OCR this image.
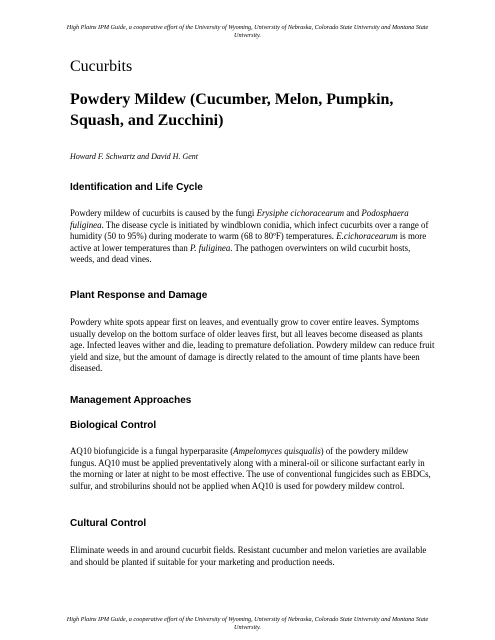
High Plains IPM Guide, a cooperative effort of the University of Wyoming, University of Nebraska, Colorado State University and Montana State University.

Cucurbits
Powdery Mildew (Cucumber, Melon, Pumpkin, Squash, and Zucchini)

Howard F. Schwartz and David H. Gent

Identification and Life Cycle

Powdery mildew of cucurbits is caused by the fungi Erysiphe cichoracearum and Podosphaera fuliginea. The disease cycle is initiated by windblown conidia, which infect cucurbits over a range of humidity (50 to 95%) during moderate to warm (68 to 80ºF) temperatures. E.cichoracearum is more active at lower temperatures than P. fuliginea. The pathogen overwinters on wild cucurbit hosts, weeds, and dead vines.

Plant Response and Damage

Powdery white spots appear first on leaves, and eventually grow to cover entire leaves. Symptoms usually develop on the bottom surface of older leaves first, but all leaves become diseased as plants age. Infected leaves wither and die, leading to premature defoliation. Powdery mildew can reduce fruit yield and size, but the amount of damage is directly related to the amount of time plants have been diseased.

Management Approaches
Biological Control

AQ10 biofungicide is a fungal hyperparasite (Ampelomyces quisqualis) of the powdery mildew fungus. AQ10 must be applied preventatively along with a mineral-oil or silicone surfactant early in the morning or later at night to be most effective. The use of conventional fungicides such as EBDCs, sulfur, and strobilurins should not be applied when AQ10 is used for powdery mildew control.

Cultural Control

Eliminate weeds in and around cucurbit fields. Resistant cucumber and melon varieties are available and should be planted if suitable for your marketing and production needs.

High Plains IPM Guide, a cooperative effort of the University of Wyoming, University of Nebraska, Colorado State University and Montana State University.
